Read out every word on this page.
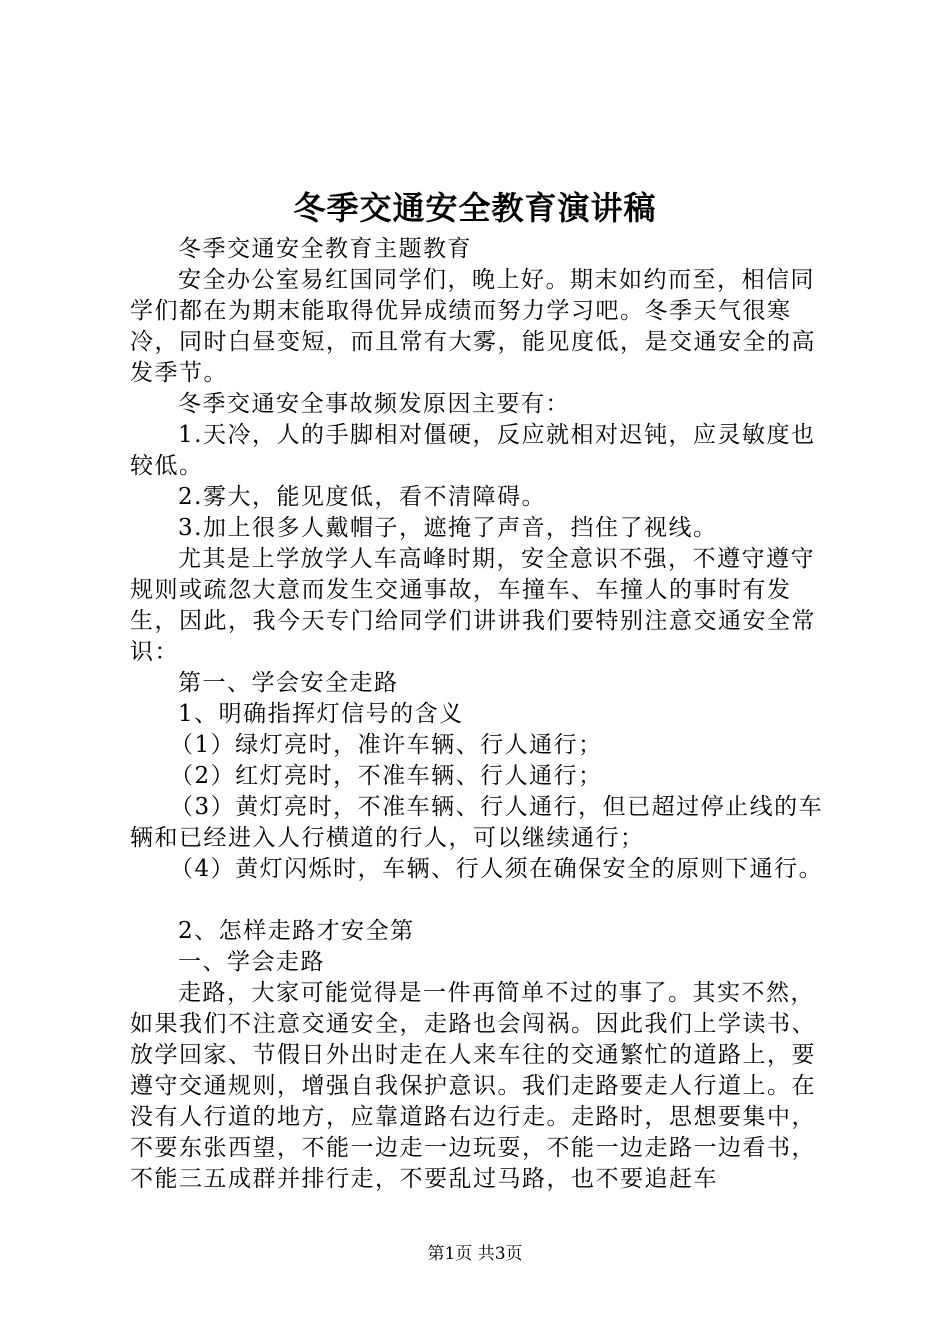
冬季交通安全教育演讲稿

冬季交通安全教育主题教育

安全办公室易红国同学们，晚上好。期末如约而至，相信同学们都在为期末能取得优异成绩而努力学习吧。冬季天气很寒冷，同时白昼变短，而且常有大雾，能见度低，是交通安全的高发季节。

冬季交通安全事故频发原因主要有：

1.天冷，人的手脚相对僵硬，反应就相对迟钝，应灵敏度也较低。

2.雾大，能见度低，看不清障碍。

3.加上很多人戴帽子，遮掩了声音，挡住了视线。

尤其是上学放学人车高峰时期，安全意识不强，不遵守遵守规则或疏忽大意而发生交通事故，车撞车、车撞人的事时有发生，因此，我今天专门给同学们讲讲我们要特别注意交通安全常识：

第一、学会安全走路

1、明确指挥灯信号的含义

（1）绿灯亮时，准许车辆、行人通行；

（2）红灯亮时，不准车辆、行人通行；

（3）黄灯亮时，不准车辆、行人通行，但已超过停止线的车辆和已经进入人行横道的行人，可以继续通行；

（4）黄灯闪烁时，车辆、行人须在确保安全的原则下通行。

2、怎样走路才安全第

一、学会走路

走路，大家可能觉得是一件再简单不过的事了。其实不然，如果我们不注意交通安全，走路也会闯祸。因此我们上学读书、放学回家、节假日外出时走在人来车往的交通繁忙的道路上，要遵守交通规则，增强自我保护意识。我们走路要走人行道上。在没有人行道的地方，应靠道路右边行走。走路时，思想要集中，不要东张西望，不能一边走一边玩耍，不能一边走路一边看书，不能三五成群并排行走，不要乱过马路，也不要追赶车

第1页 共3页
